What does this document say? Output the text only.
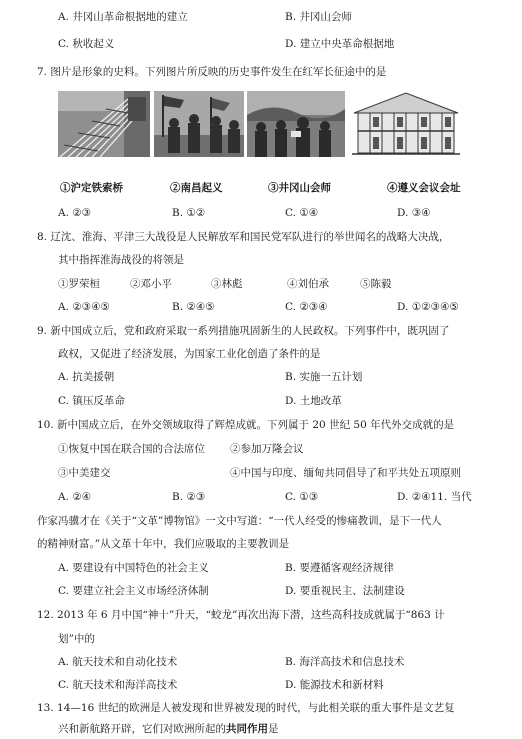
A. 井冈山革命根据地的建立	B. 井冈山会师
C. 秋收起义	D. 建立中央革命根据地
7. 图片是形象的史料。下列图片所反映的历史事件发生在红军长征途中的是
①沪定铁索桥	②南昌起义	③井冈山会师	④遵义会议会址
A. ②③	B. ①②	C. ①④	D. ③④
8. 辽沈、淮海、平津三大战役是人民解放军和国民党军队进行的举世闻名的战略大决战，
其中指挥淮海战役的将领是
①罗荣桓	②邓小平	③林彪	④刘伯承	⑤陈毅
A. ②③④⑤	B. ②④⑤	C. ②③④	D. ①②③④⑤
9. 新中国成立后，党和政府采取一系列措施巩固新生的人民政权。下列事件中，既巩固了
政权，又促进了经济发展，为国家工业化创造了条件的是
A. 抗美援朝	B. 实施一五计划
C. 镇压反革命	D. 土地改革
10. 新中国成立后，在外交领域取得了辉煌成就。下列属于 20 世纪 50 年代外交成就的是
①恢复中国在联合国的合法席位 ②参加万隆会议
③中美建交	④中国与印度、缅甸共同倡导了和平共处五项原则
A. ②④	B. ②③	C. ①③	D. ②④11. 当代
作家冯骥才在《关于“文革”博物馆》一文中写道：“一代人经受的惨痛教训，是下一代人
的精神财富。”从文革十年中，我们应吸取的主要教训是
A. 要建设有中国特色的社会主义	B. 要遵循客观经济规律
C. 要建立社会主义市场经济体制	D. 要重视民主、法制建设
12. 2013 年 6 月中国“神十”升天，“蛟龙”再次出海下潜，这些高科技成就属于“863 计
划”中的
A. 航天技术和自动化技术	B. 海洋高技术和信息技术
C. 航天技术和海洋高技术	D. 能源技术和新材料
13. 14—16 世纪的欧洲是人被发现和世界被发现的时代，与此相关联的重大事件是文艺复
兴和新航路开辟，它们对欧洲所起的共同作用是
